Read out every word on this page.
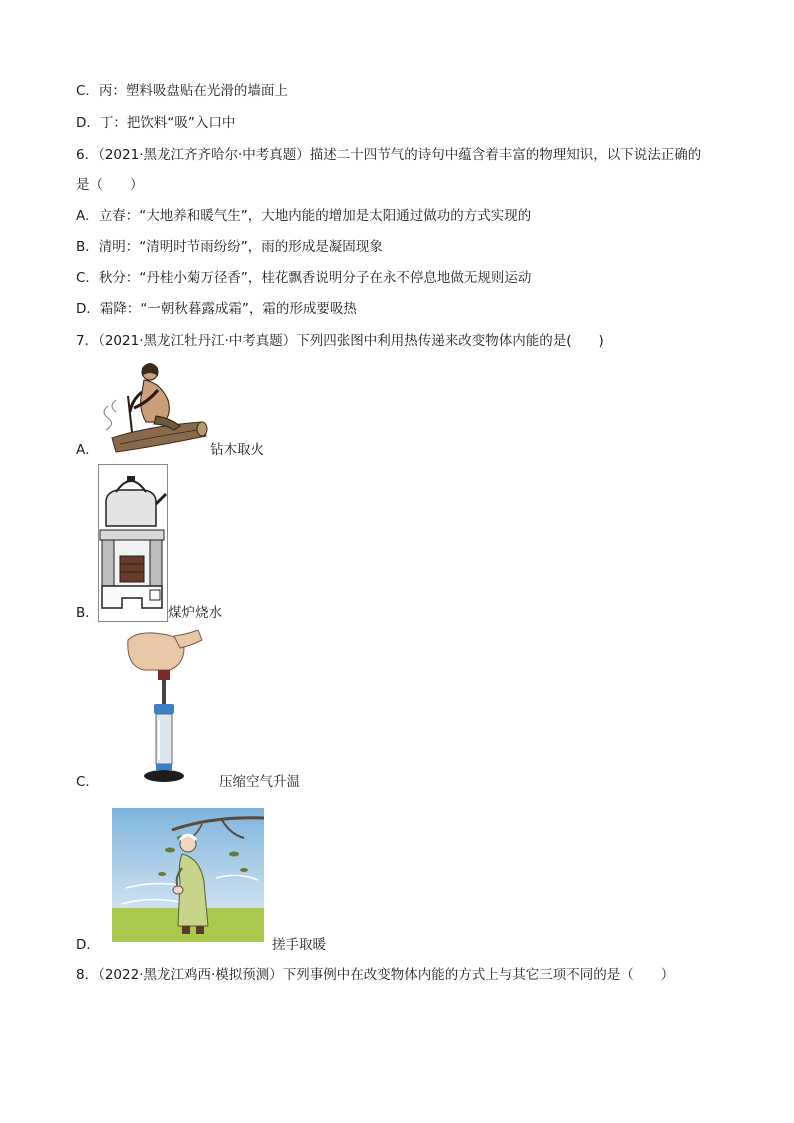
C．丙：塑料吸盘贴在光滑的墙面上
D．丁：把饮料“吸”入口中
6．（2021·黑龙江齐齐哈尔·中考真题）描述二十四节气的诗句中蕴含着丰富的物理知识，以下说法正确的
是（　　）
A．立春：“大地养和暖气生”，大地内能的增加是太阳通过做功的方式实现的
B．清明：“清明时节雨纷纷”，雨的形成是凝固现象
C．秋分：“丹桂小菊万径香”，桂花飘香说明分子在永不停息地做无规则运动
D．霜降：“一朝秋暮露成霜”，霜的形成要吸热
7．（2021·黑龙江牡丹江·中考真题）下列四张图中利用热传递来改变物体内能的是(　　)
A．	钻木取火
B．	煤炉烧水
C．	压缩空气升温
D．	搓手取暖
8．（2022·黑龙江鸡西·模拟预测）下列事例中在改变物体内能的方式上与其它三项不同的是（　　）
